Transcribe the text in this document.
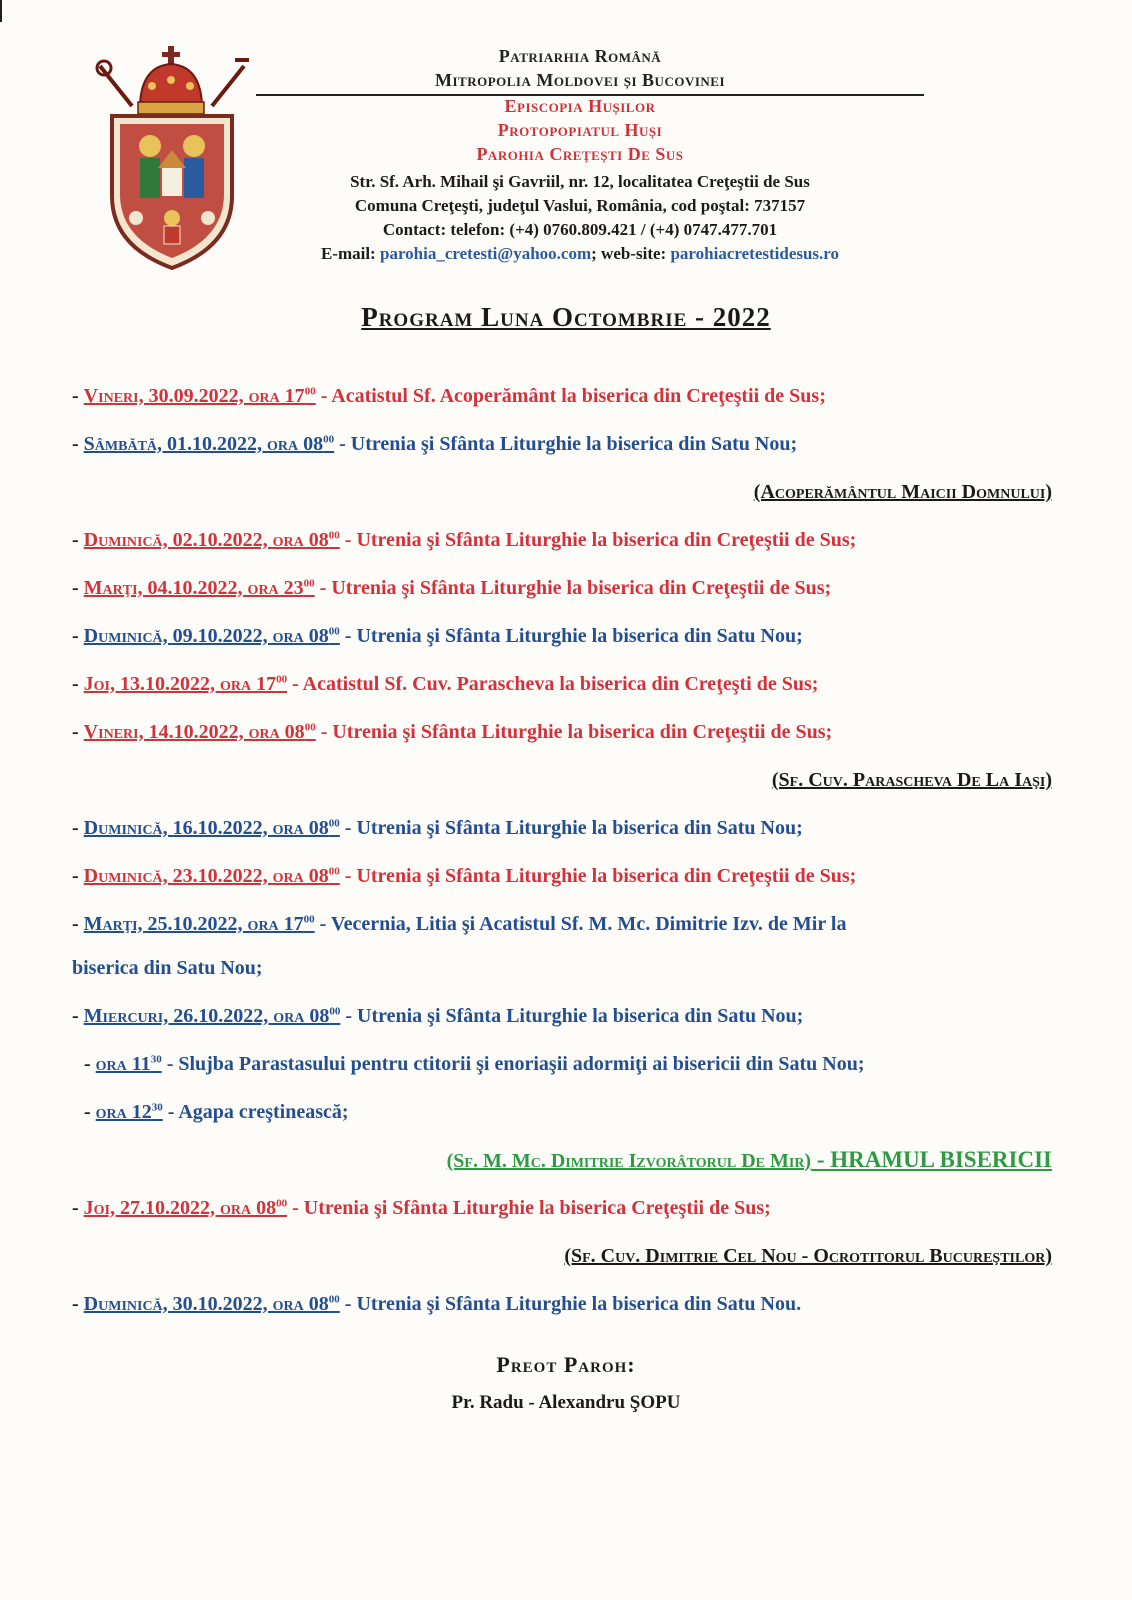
Patriarhia Română
Mitropolia Moldovei și Bucovinei
Episcopia Hușilor
Protopopiatul Huși
Parohia Creţeşti De Sus
Str. Sf. Arh. Mihail şi Gavriil, nr. 12, localitatea Creţeştii de Sus
Comuna Creţeşti, judeţul Vaslui, România, cod poştal: 737157
Contact: telefon: (+4) 0760.809.421 / (+4) 0747.477.701
E-mail: parohia_cretesti@yahoo.com; web-site: parohiacretestidesus.ro
Program Luna Octombrie - 2022
- Vineri, 30.09.2022, ora $17^{00}$ - Acatistul Sf. Acoperământ la biserica din Creţeştii de Sus;
- Sâmbătă, 01.10.2022, ora $08^{00}$ - Utrenia şi Sfânta Liturghie la biserica din Satu Nou;
(Acoperământul Maicii Domnului)
- Duminică, 02.10.2022, ora $08^{00}$ - Utrenia şi Sfânta Liturghie la biserica din Creţeştii de Sus;
- Marţi, 04.10.2022, ora $23^{00}$ - Utrenia şi Sfânta Liturghie la biserica din Creţeştii de Sus;
- Duminică, 09.10.2022, ora $08^{00}$ - Utrenia şi Sfânta Liturghie la biserica din Satu Nou;
- Joi, 13.10.2022, ora $17^{00}$ - Acatistul Sf. Cuv. Parascheva la biserica din Creţeşti de Sus;
- Vineri, 14.10.2022, ora $08^{00}$ - Utrenia şi Sfânta Liturghie la biserica din Creţeştii de Sus;
(Sf. Cuv. Parascheva De La Iaşi)
- Duminică, 16.10.2022, ora $08^{00}$ - Utrenia şi Sfânta Liturghie la biserica din Satu Nou;
- Duminică, 23.10.2022, ora $08^{00}$ - Utrenia şi Sfânta Liturghie la biserica din Creţeştii de Sus;
- Marţi, 25.10.2022, ora $17^{00}$ - Vecernia, Litia şi Acatistul Sf. M. Mc. Dimitrie Izv. de Mir la
biserica din Satu Nou;
- Miercuri, 26.10.2022, ora $08^{00}$ - Utrenia şi Sfânta Liturghie la biserica din Satu Nou;
- ora $11^{30}$ - Slujba Parastasului pentru ctitorii şi enoriaşii adormiţi ai bisericii din Satu Nou;
- ora $12^{30}$ - Agapa creştinească;
(Sf. M. Mc. Dimitrie Izvorâtorul De Mir) - HRAMUL BISERICII
- Joi, 27.10.2022, ora $08^{00}$ - Utrenia şi Sfânta Liturghie la biserica Creţeştii de Sus;
(Sf. Cuv. Dimitrie Cel Nou - Ocrotitorul Bucureştilor)
- Duminică, 30.10.2022, ora $08^{00}$ - Utrenia şi Sfânta Liturghie la biserica din Satu Nou.
Preot Paroh:
Pr. Radu - Alexandru ŞOPU
